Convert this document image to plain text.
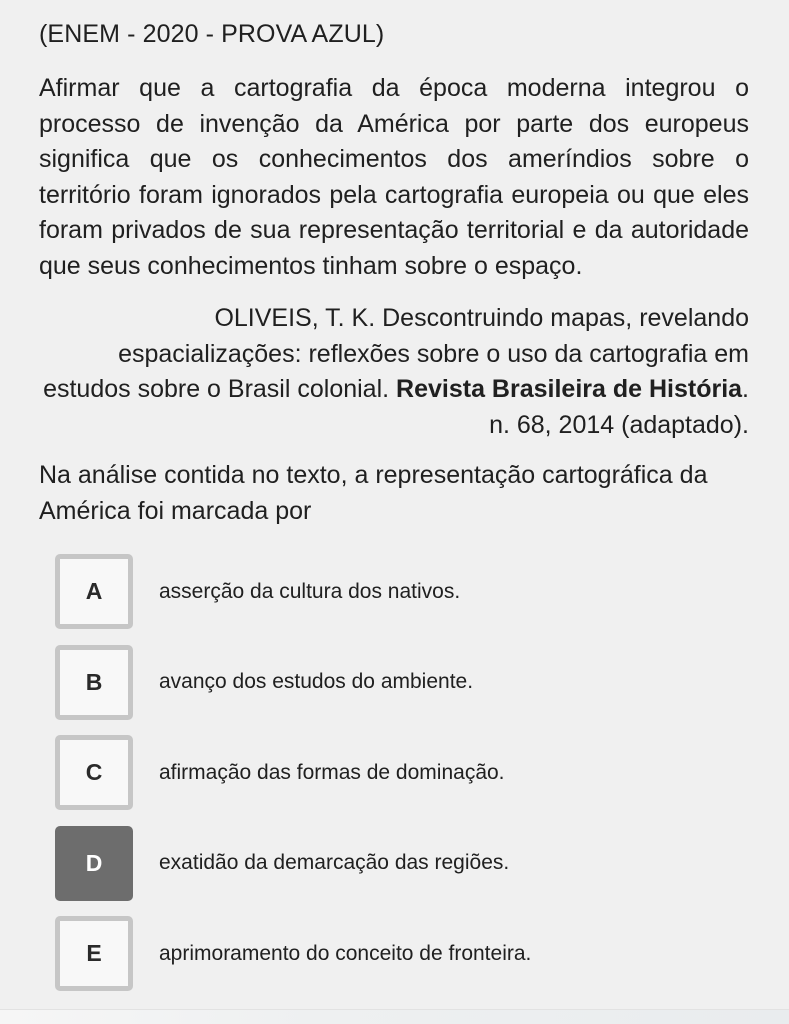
(ENEM - 2020 - PROVA AZUL)

Afirmar que a cartografia da época moderna integrou o processo de invenção da América por parte dos europeus significa que os conhecimentos dos ameríndios sobre o território foram ignorados pela cartografia europeia ou que eles foram privados de sua representação territorial e da autoridade que seus conhecimentos tinham sobre o espaço.

OLIVEIS, T. K. Descontruindo mapas, revelando espacializações: reflexões sobre o uso da cartografia em estudos sobre o Brasil colonial. Revista Brasileira de História. n. 68, 2014 (adaptado).

Na análise contida no texto, a representação cartográfica da América foi marcada por

A	asserção da cultura dos nativos.
B	avanço dos estudos do ambiente.
C	afirmação das formas de dominação.
D	exatidão da demarcação das regiões.
E	aprimoramento do conceito de fronteira.
